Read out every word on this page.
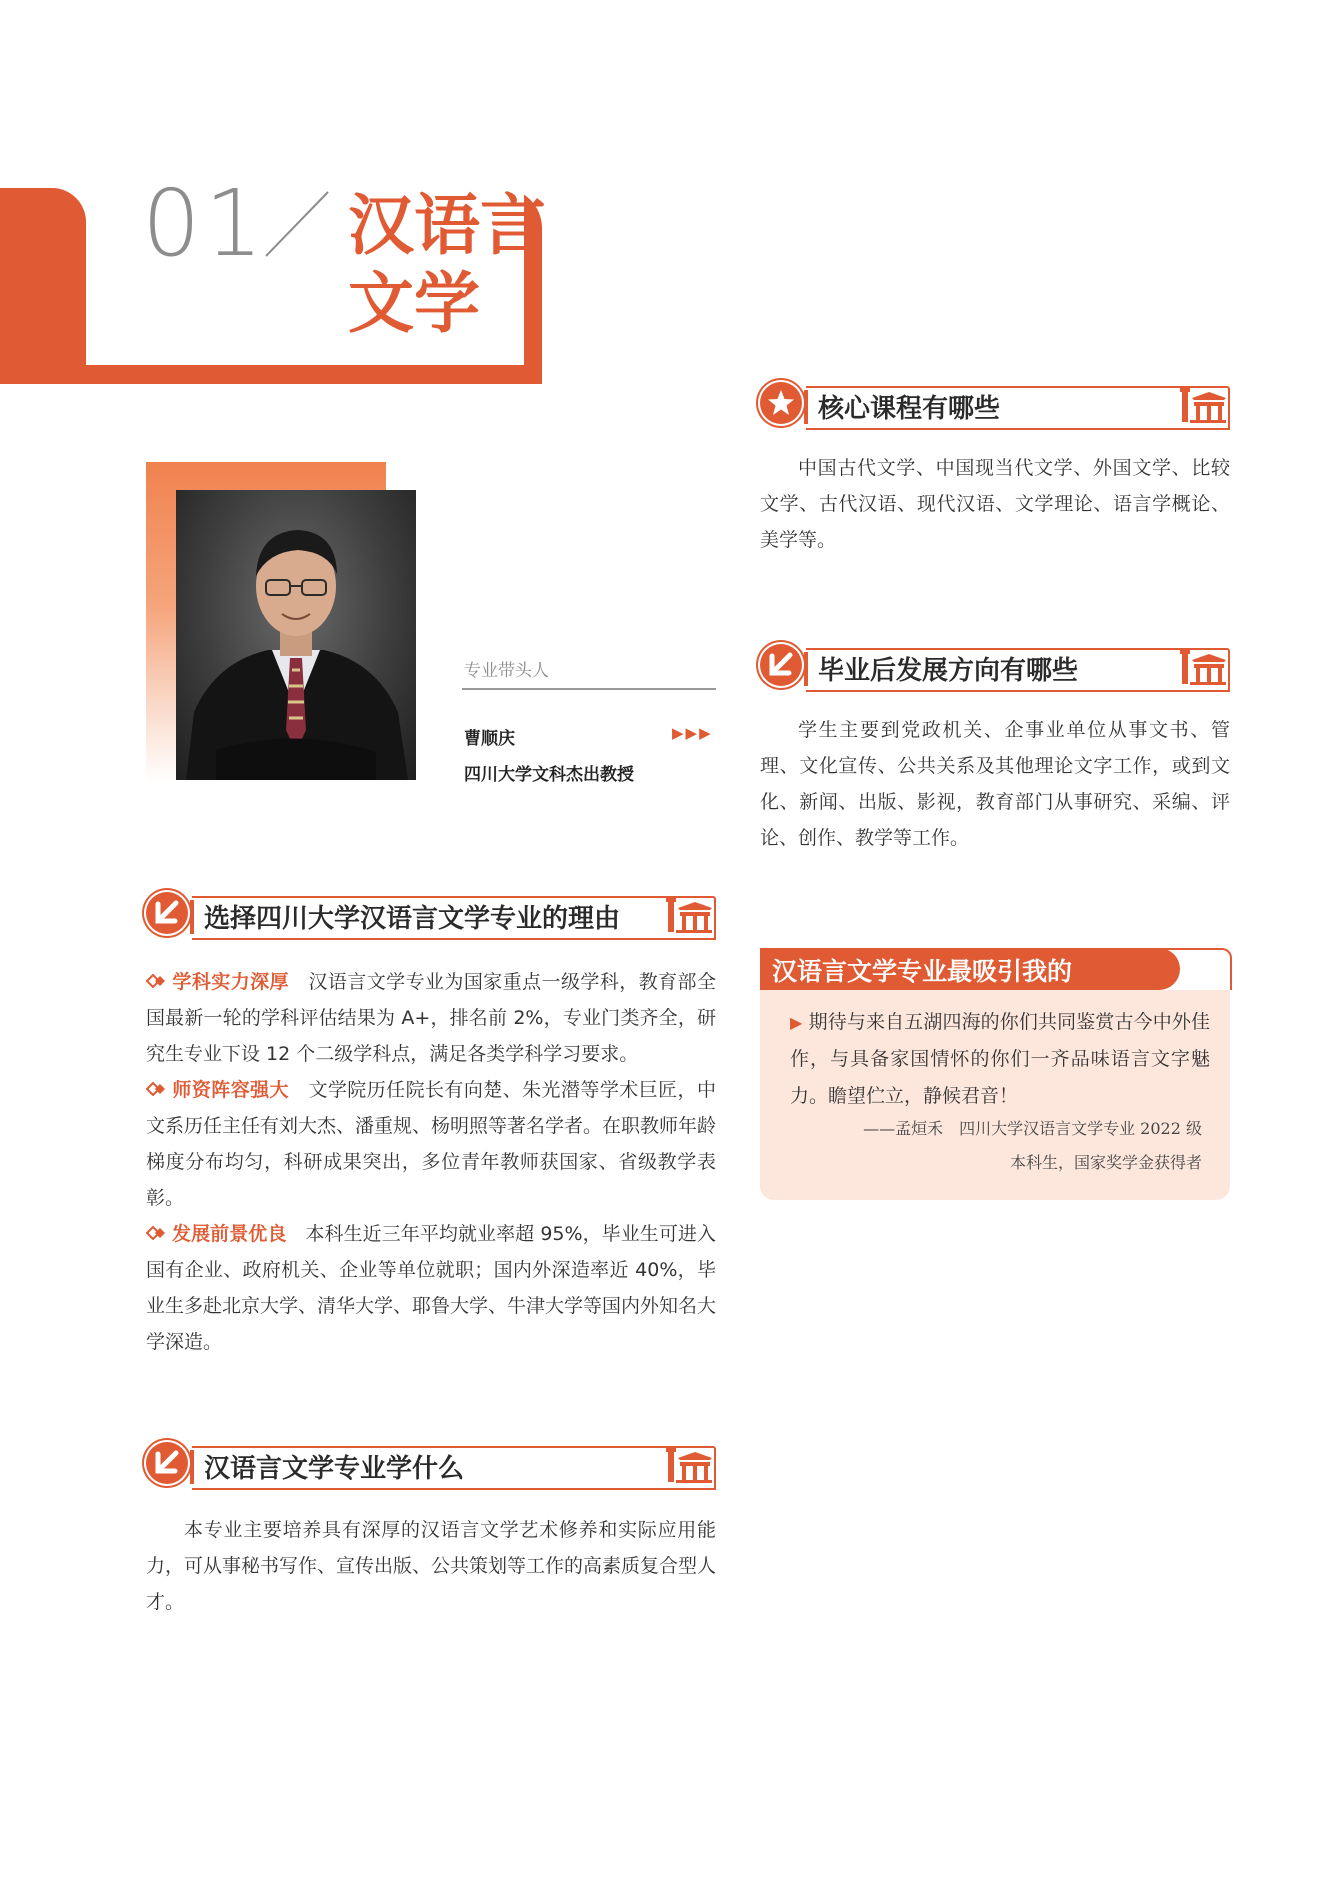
01 汉语言
文学
专业带头人
曹顺庆	▶▶▶
四川大学文科杰出教授
选择四川大学汉语言文学专业的理由
学科实力深厚　 汉语言文学专业为国家重点一级学科，教育部全国最新一轮的学科评估结果为 A+，排名前 2%，专业门类齐全，研究生专业下设 12 个二级学科点，满足各类学科学习要求。
师资阵容强大　 文学院历任院长有向楚、朱光潜等学术巨匠，中文系历任主任有刘大杰、潘重规、杨明照等著名学者。在职教师年龄梯度分布均匀，科研成果突出，多位青年教师获国家、省级教学表彰。
发展前景优良　 本科生近三年平均就业率超 95%，毕业生可进入国有企业、政府机关、企业等单位就职；国内外深造率近 40%，毕业生多赴北京大学、清华大学、耶鲁大学、牛津大学等国内外知名大学深造。
汉语言文学专业学什么
本专业主要培养具有深厚的汉语言文学艺术修养和实际应用能力，可从事秘书写作、宣传出版、公共策划等工作的高素质复合型人才。
核心课程有哪些
中国古代文学、中国现当代文学、外国文学、比较文学、古代汉语、现代汉语、文学理论、语言学概论、美学等。
毕业后发展方向有哪些
学生主要到党政机关、企事业单位从事文书、管理、文化宣传、公共关系及其他理论文字工作，或到文化、新闻、出版、影视，教育部门从事研究、采编、评论、创作、教学等工作。
汉语言文学专业最吸引我的
▶ 期待与来自五湖四海的你们共同鉴赏古今中外佳作，与具备家国情怀的你们一齐品味语言文字魅力。瞻望伫立，静候君音！
——孟烜禾　四川大学汉语言文学专业 2022 级
本科生，国家奖学金获得者
